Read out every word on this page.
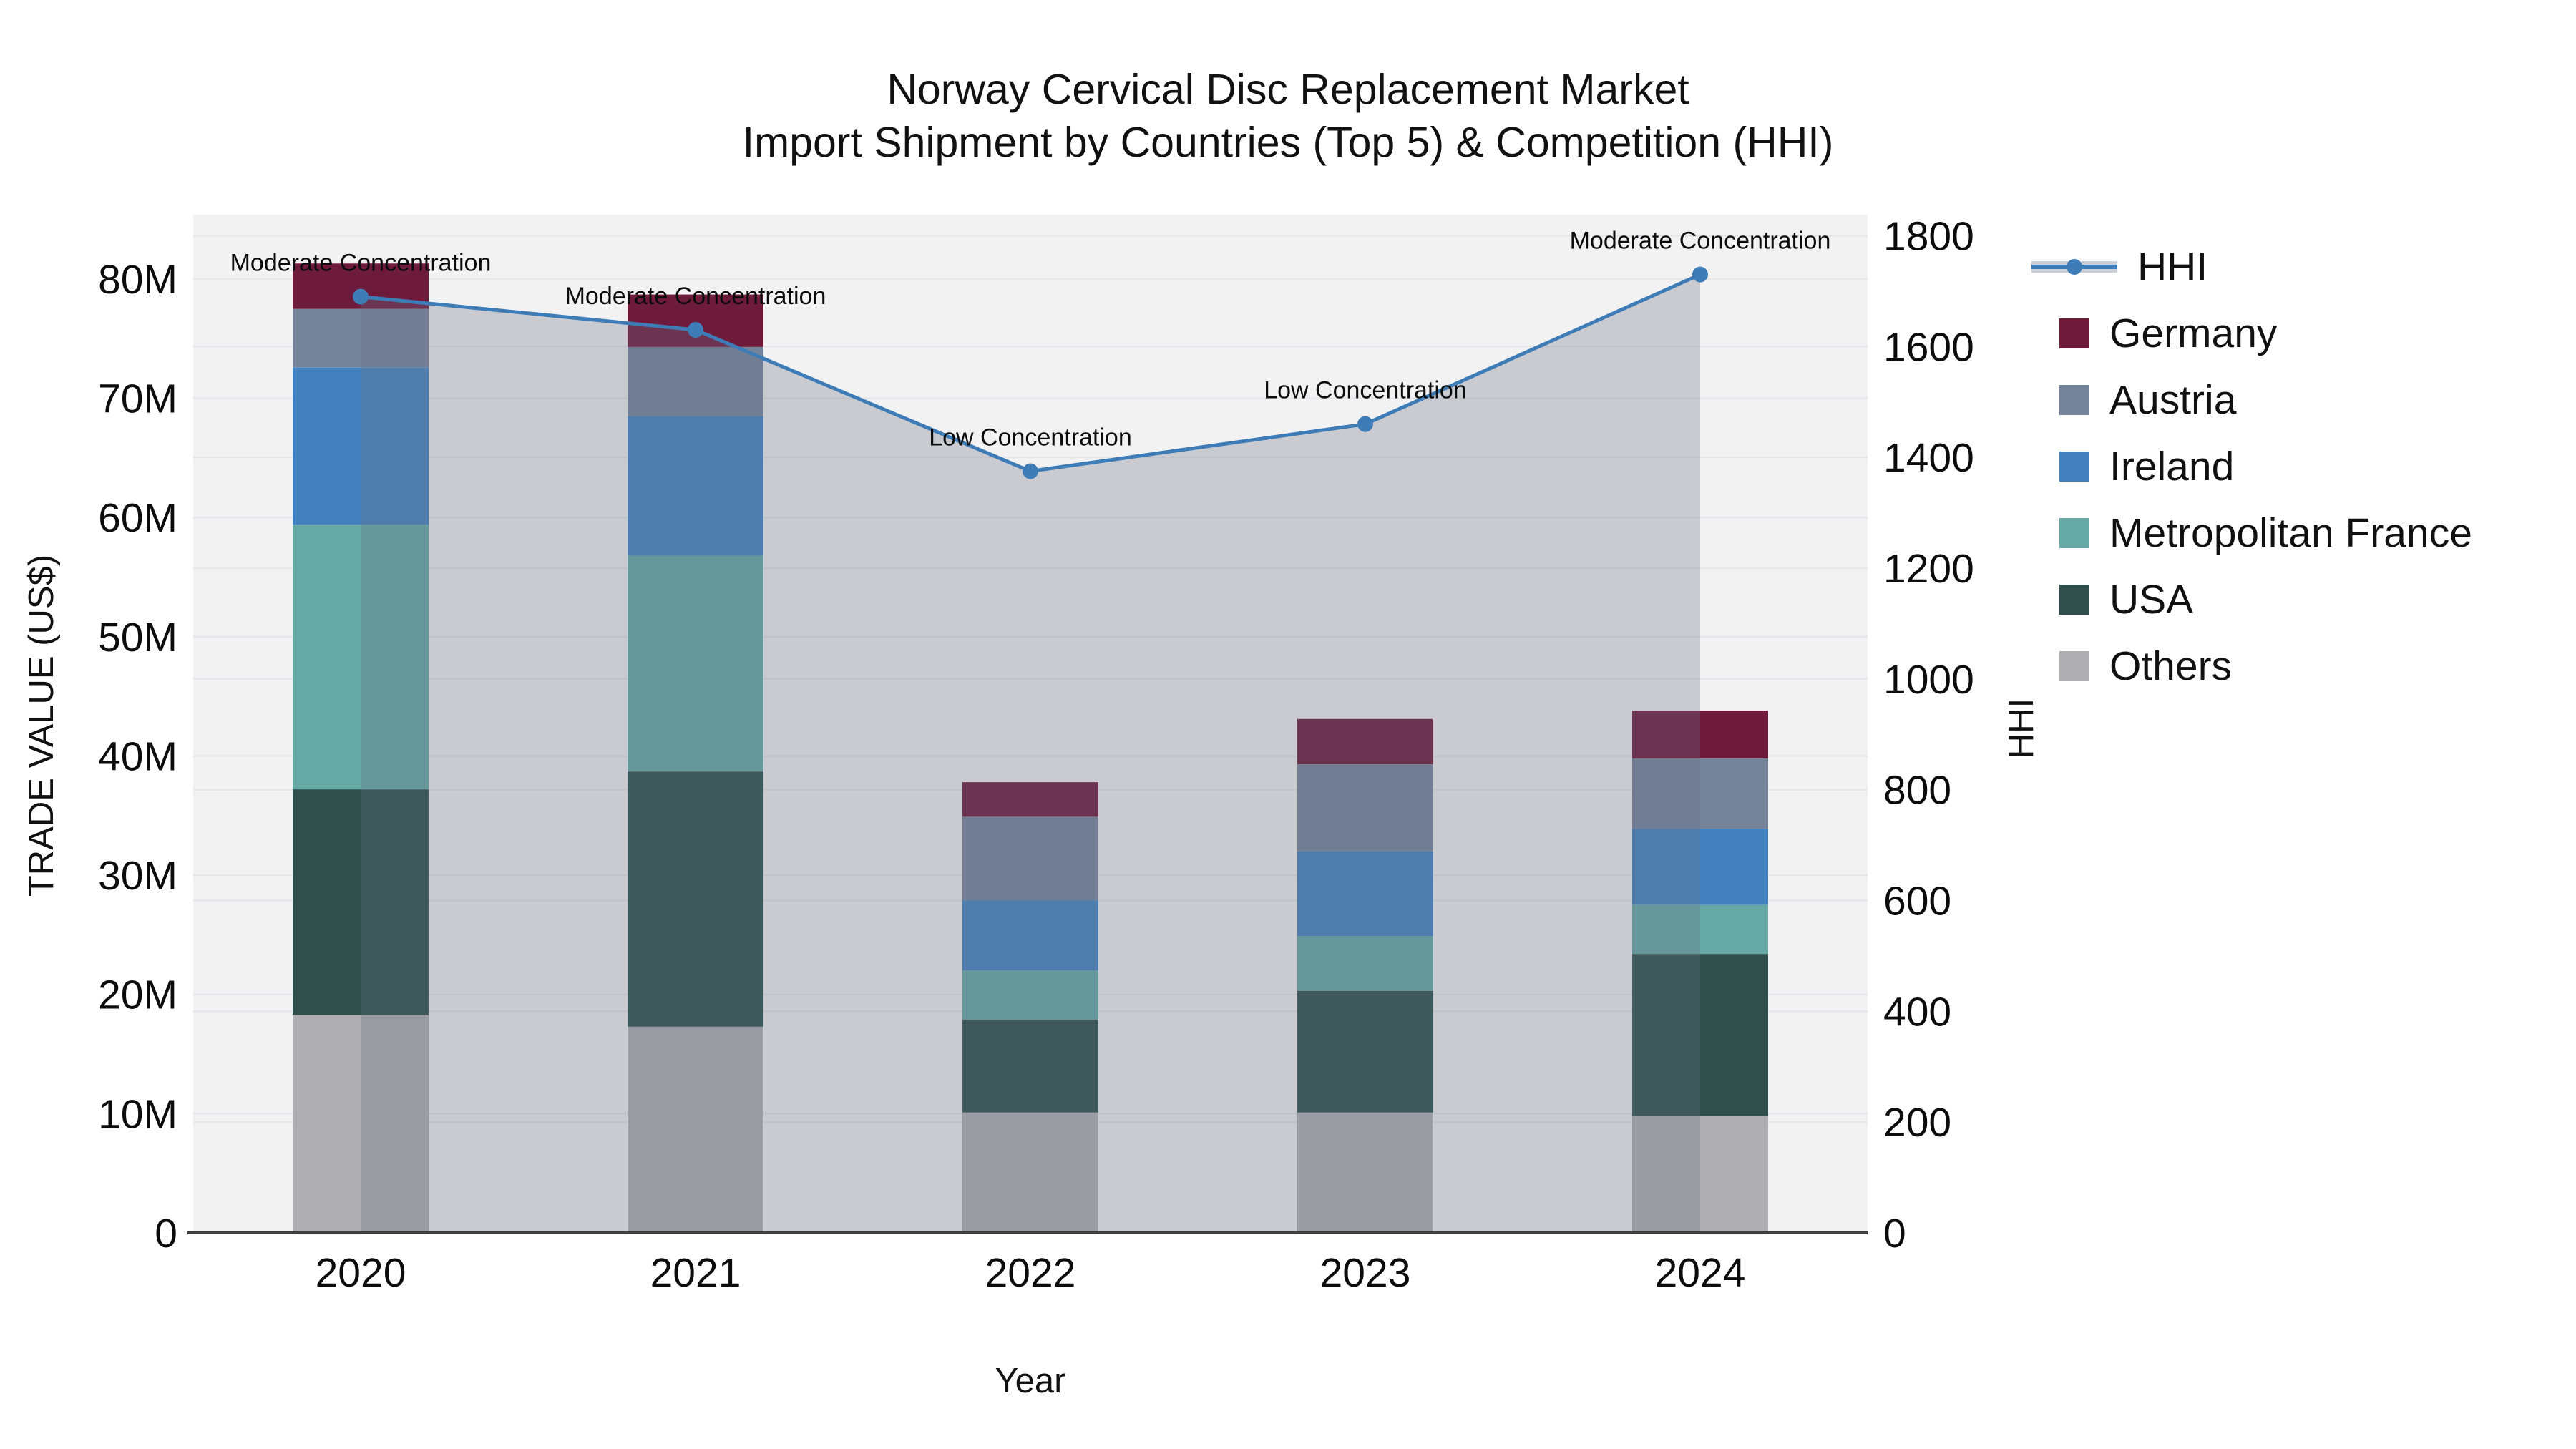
Norway Cervical Disc Replacement Market
Import Shipment by Countries (Top 5) & Competition (HHI)
Moderate Concentration
Moderate Concentration
Low Concentration
Low Concentration
Moderate Concentration
0
10M
20M
30M
40M
50M
60M
70M
80M
0
200
400
600
800
1000
1200
1400
1600
1800
2020	2021	2022	2023	2024
TRADE VALUE (US$)	HHI
Year
HHI
Germany
Austria
Ireland
Metropolitan France
USA
Others
